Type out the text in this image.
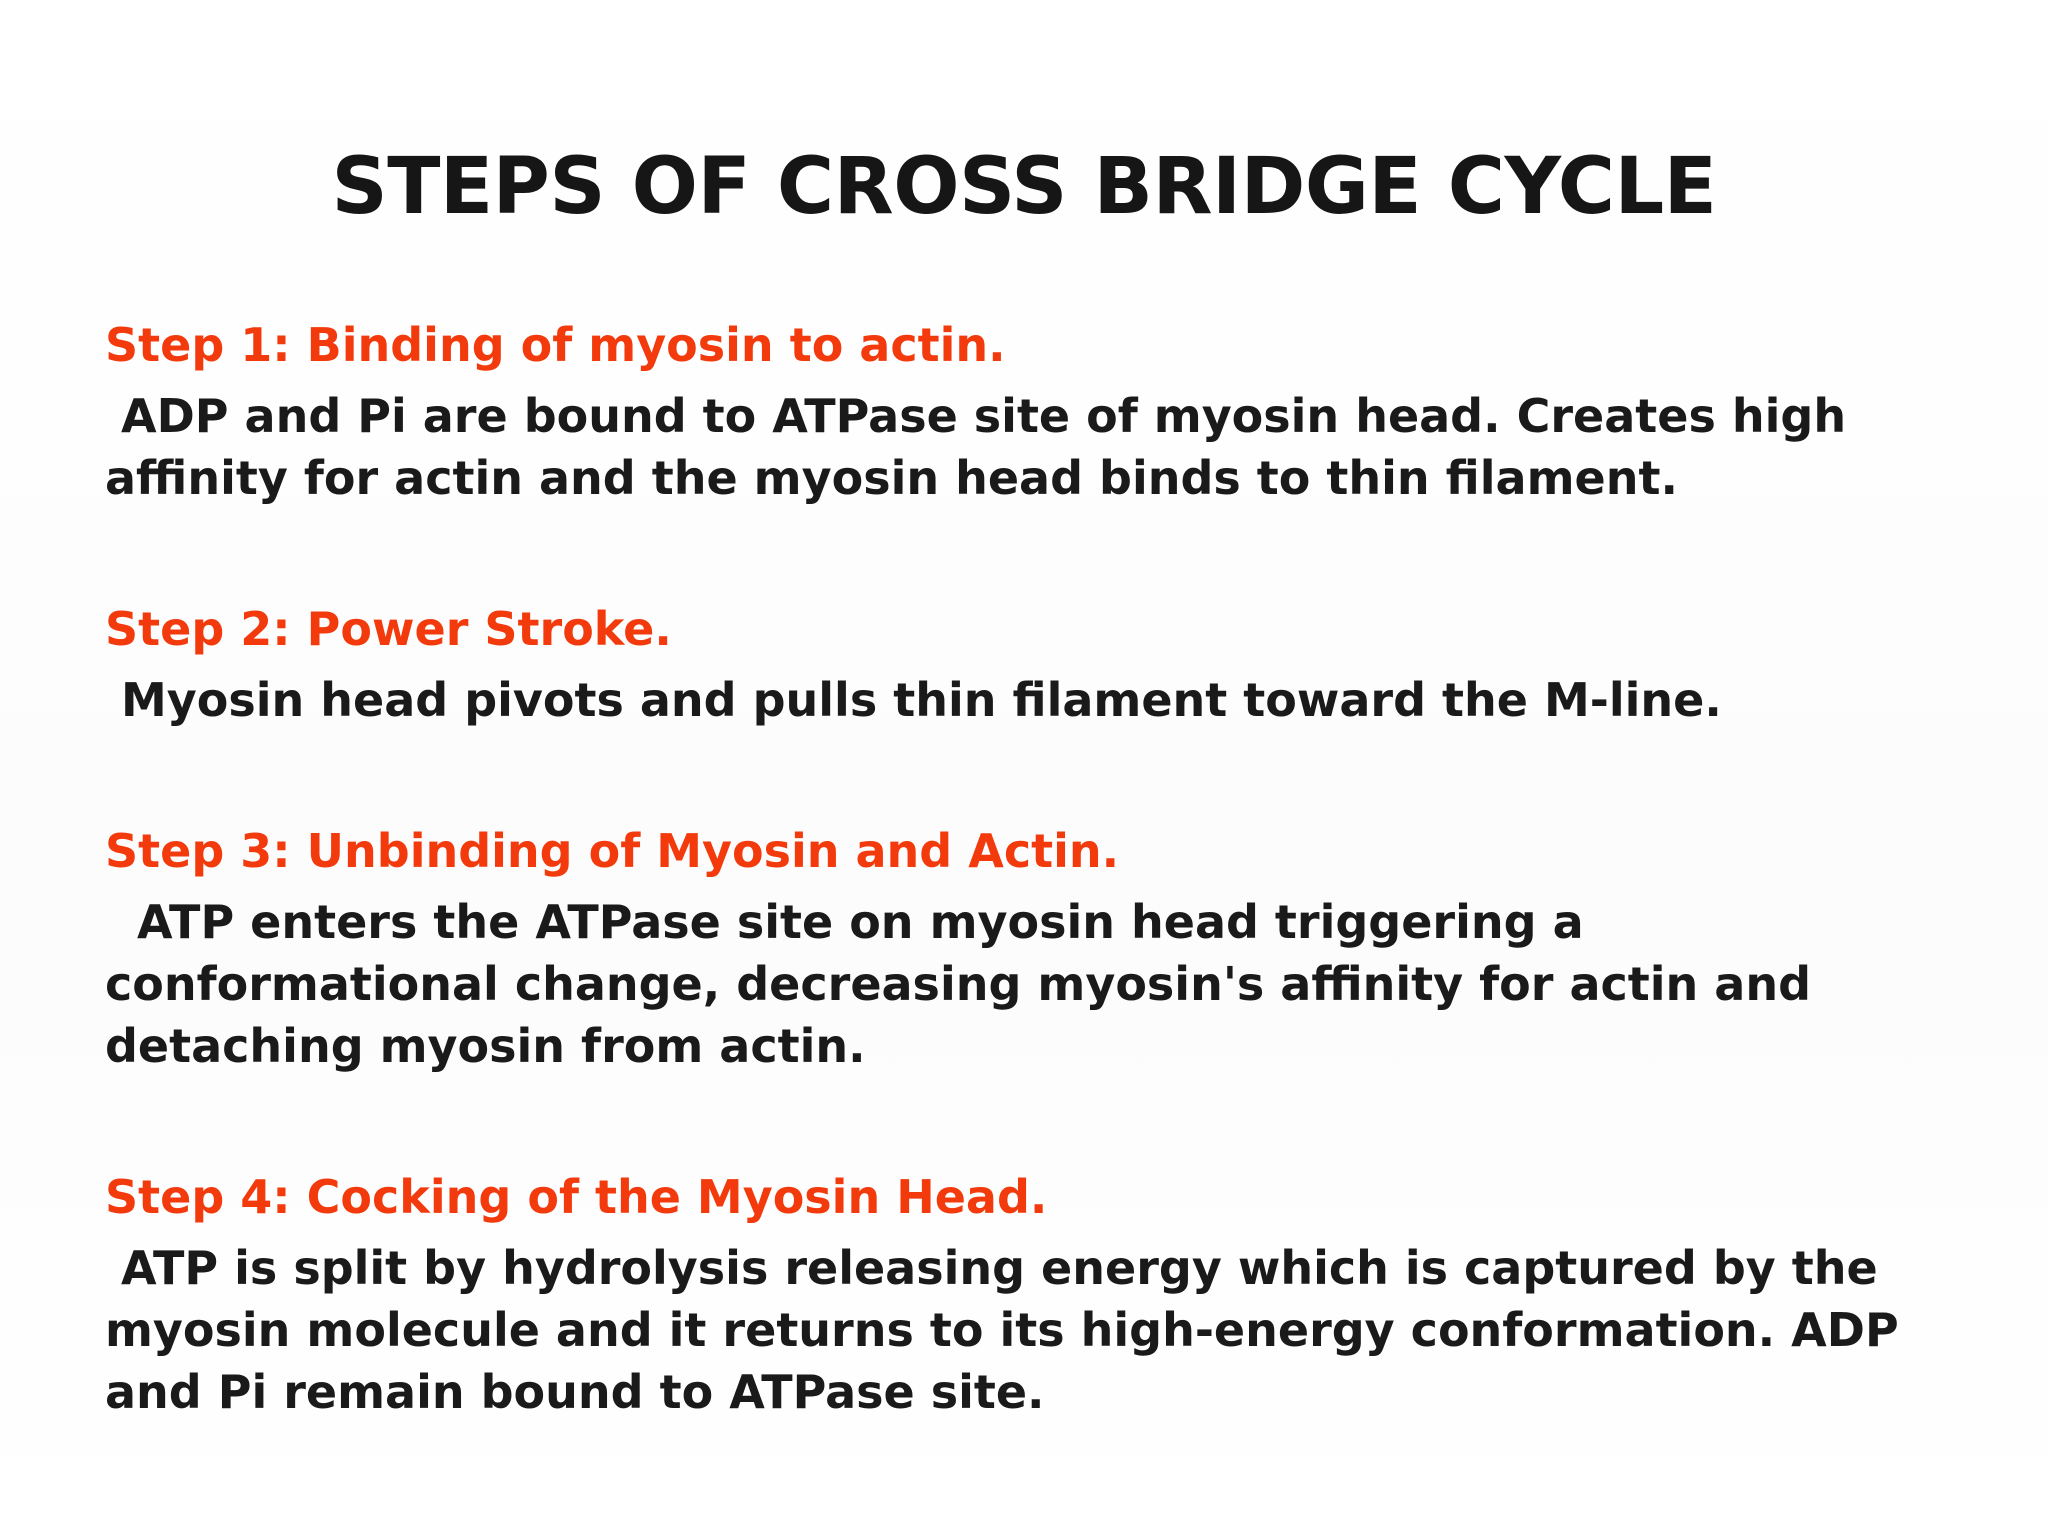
STEPS OF CROSS BRIDGE CYCLE

Step 1: Binding of myosin to actin.

ADP and Pi are bound to ATPase site of myosin head. Creates high
affinity for actin and the myosin head binds to thin filament.

Step 2: Power Stroke.

Myosin head pivots and pulls thin filament toward the M-line.

Step 3: Unbinding of Myosin and Actin.

ATP enters the ATPase site on myosin head triggering a
conformational change, decreasing myosin's affinity for actin and
detaching myosin from actin.

Step 4: Cocking of the Myosin Head.

ATP is split by hydrolysis releasing energy which is captured by the
myosin molecule and it returns to its high-energy conformation. ADP
and Pi remain bound to ATPase site.
